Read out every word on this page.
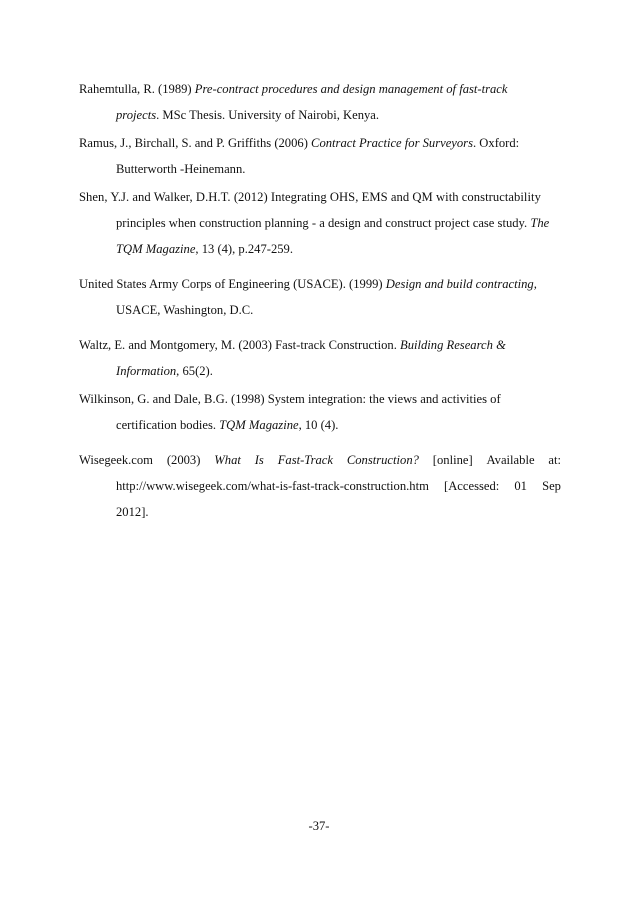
Rahemtulla, R. (1989) Pre-contract procedures and design management of fast-track
projects. MSc Thesis. University of Nairobi, Kenya.

Ramus, J., Birchall, S. and P. Griffiths (2006) Contract Practice for Surveyors. Oxford:
Butterworth -Heinemann.

Shen, Y.J. and Walker, D.H.T. (2012) Integrating OHS, EMS and QM with constructability
principles when construction planning - a design and construct project case study. The
TQM Magazine, 13 (4), p.247-259.

United States Army Corps of Engineering (USACE). (1999) Design and build contracting,
USACE, Washington, D.C.

Waltz, E. and Montgomery, M. (2003) Fast-track Construction. Building Research &
Information, 65(2).

Wilkinson, G. and Dale, B.G. (1998) System integration: the views and activities of
certification bodies. TQM Magazine, 10 (4).

Wisegeek.com (2003) What Is Fast-Track Construction? [online] Available at:
http://www.wisegeek.com/what-is-fast-track-construction.htm [Accessed: 01 Sep
2012].

-37-
